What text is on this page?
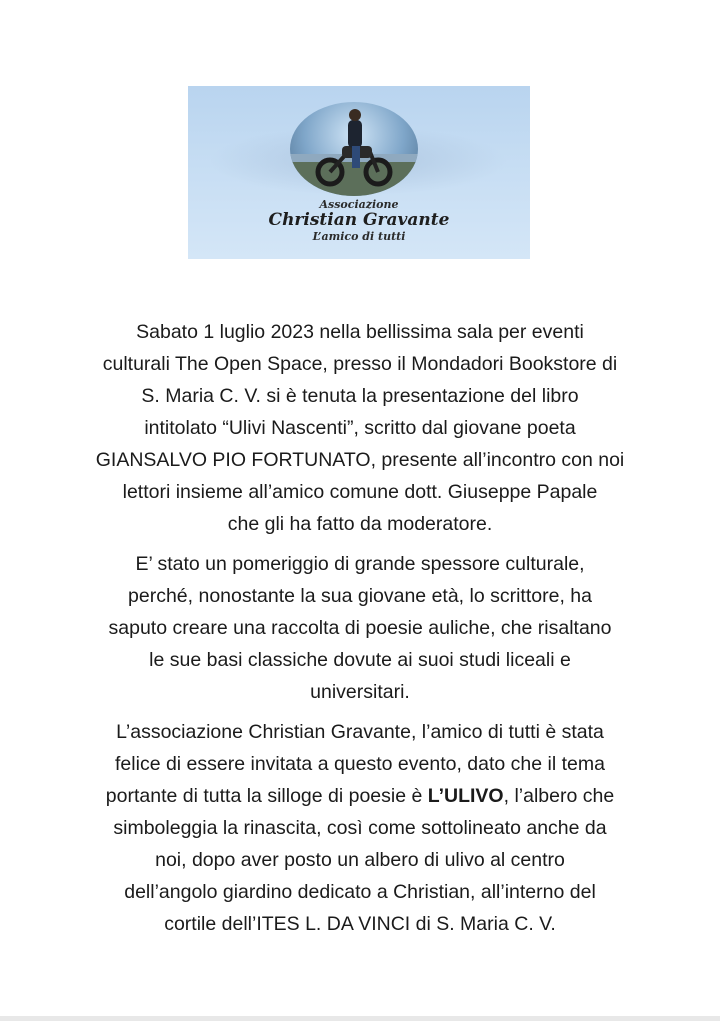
Associazione
Christian Gravante
L’amico di tutti

Sabato 1 luglio 2023 nella bellissima sala per eventi
culturali The Open Space, presso il Mondadori Bookstore di
S. Maria C. V. si è tenuta la presentazione del libro
intitolato “Ulivi Nascenti”, scritto dal giovane poeta
GIANSALVO PIO FORTUNATO, presente all’incontro con noi
lettori insieme all’amico comune dott. Giuseppe Papale
che gli ha fatto da moderatore.

E’ stato un pomeriggio di grande spessore culturale,
perché, nonostante la sua giovane età, lo scrittore, ha
saputo creare una raccolta di poesie auliche, che risaltano
le sue basi classiche dovute ai suoi studi liceali e
universitari.

L’associazione Christian Gravante, l’amico di tutti è stata
felice di essere invitata a questo evento, dato che il tema
portante di tutta la silloge di poesie è L’ULIVO, l’albero che
simboleggia la rinascita, così come sottolineato anche da
noi, dopo aver posto un albero di ulivo al centro
dell’angolo giardino dedicato a Christian, all’interno del
cortile dell’ITES L. DA VINCI di S. Maria C. V.
